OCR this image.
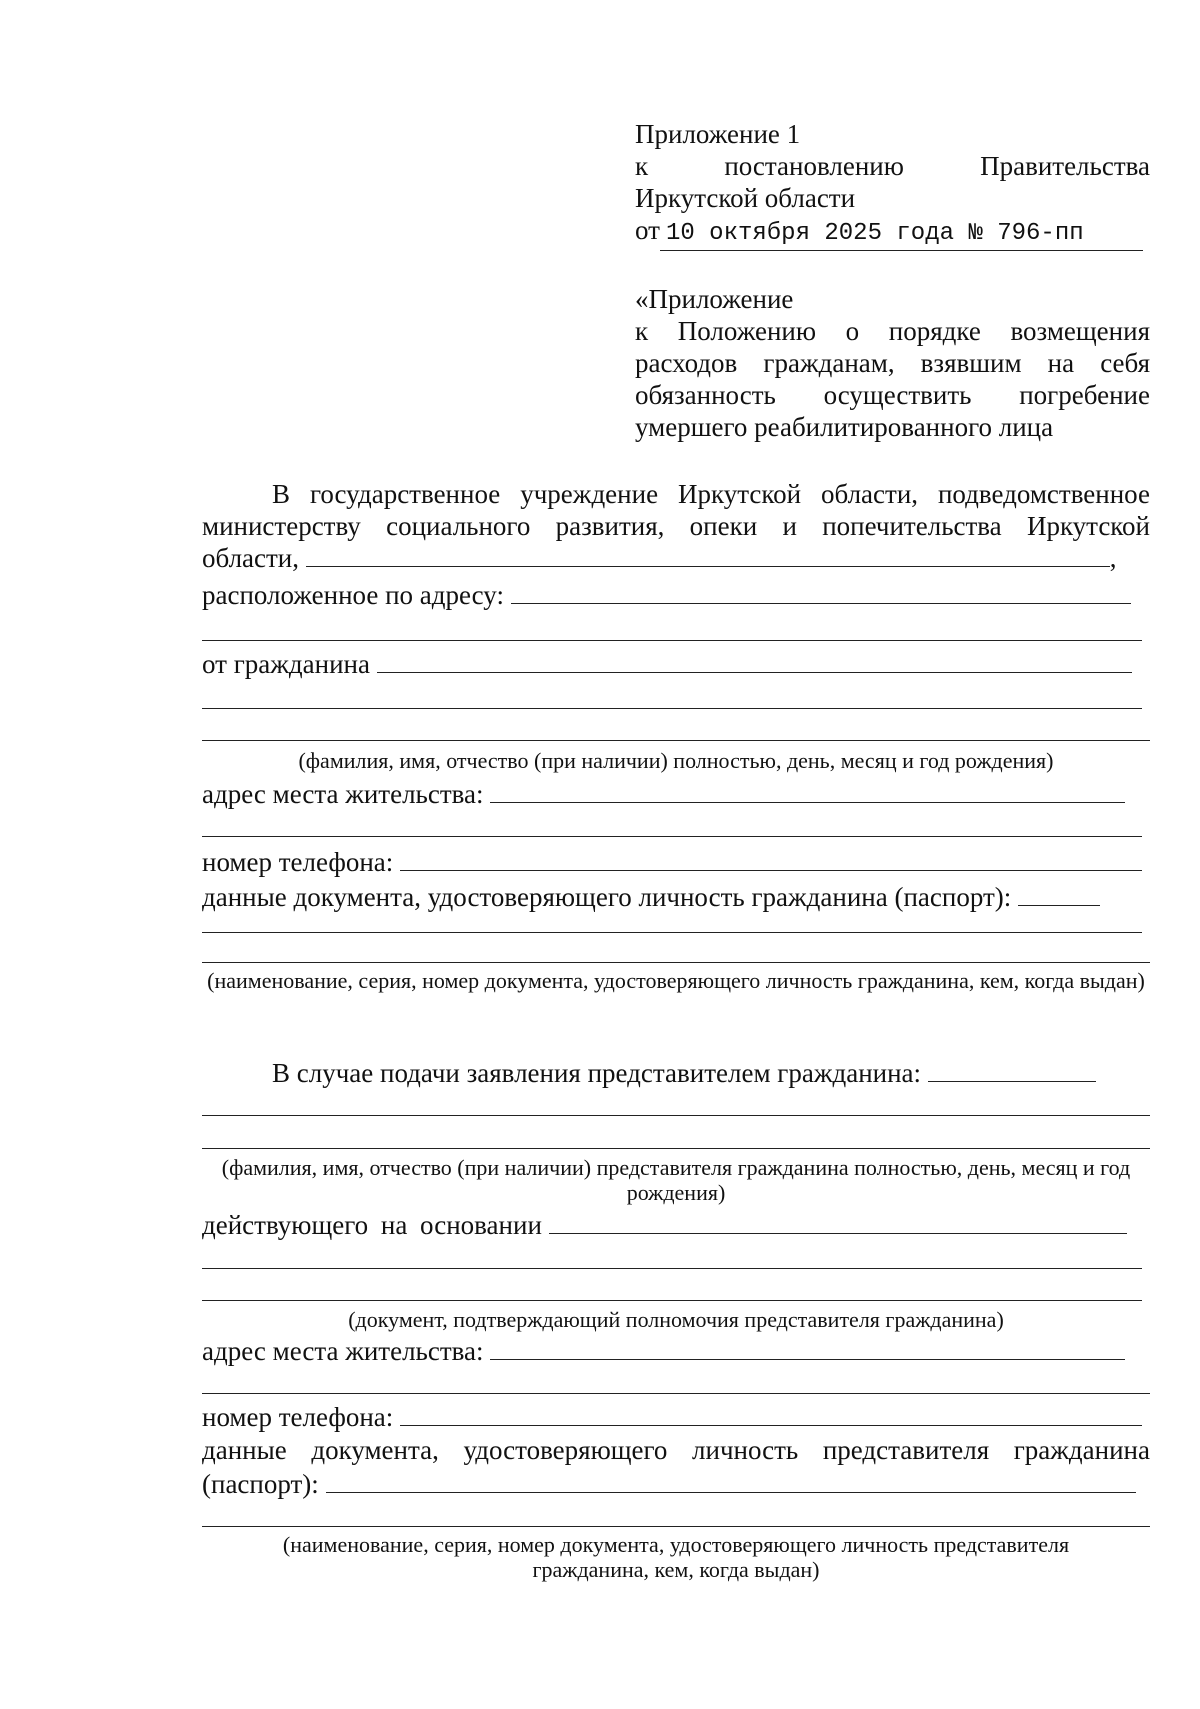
Приложение 1
к	постановлению	Правительства
Иркутской области
от 10 октября 2025 года № 796-пп
«Приложение
к Положению о порядке возмещения
расходов гражданам, взявшим на себя
обязанность осуществить погребение
умершего реабилитированного лица
В государственное учреждение Иркутской области, подведомственное министерству социального развития, опеки и попечительства Иркутской
области,	,
расположенное по адресу:
от гражданина
(фамилия, имя, отчество (при наличии) полностью, день, месяц и год рождения)
адрес места жительства:
номер телефона:
данные документа, удостоверяющего личность гражданина (паспорт):
(наименование, серия, номер документа, удостоверяющего личность гражданина, кем, когда выдан)
В случае подачи заявления представителем гражданина:
(фамилия, имя, отчество (при наличии) представителя гражданина полностью, день, месяц и год рождения)
действующего на основании
(документ, подтверждающий полномочия представителя гражданина)
адрес места жительства:
номер телефона:
данные документа, удостоверяющего личность представителя гражданина
(паспорт):
(наименование, серия, номер документа, удостоверяющего личность представителя гражданина, кем, когда выдан)
